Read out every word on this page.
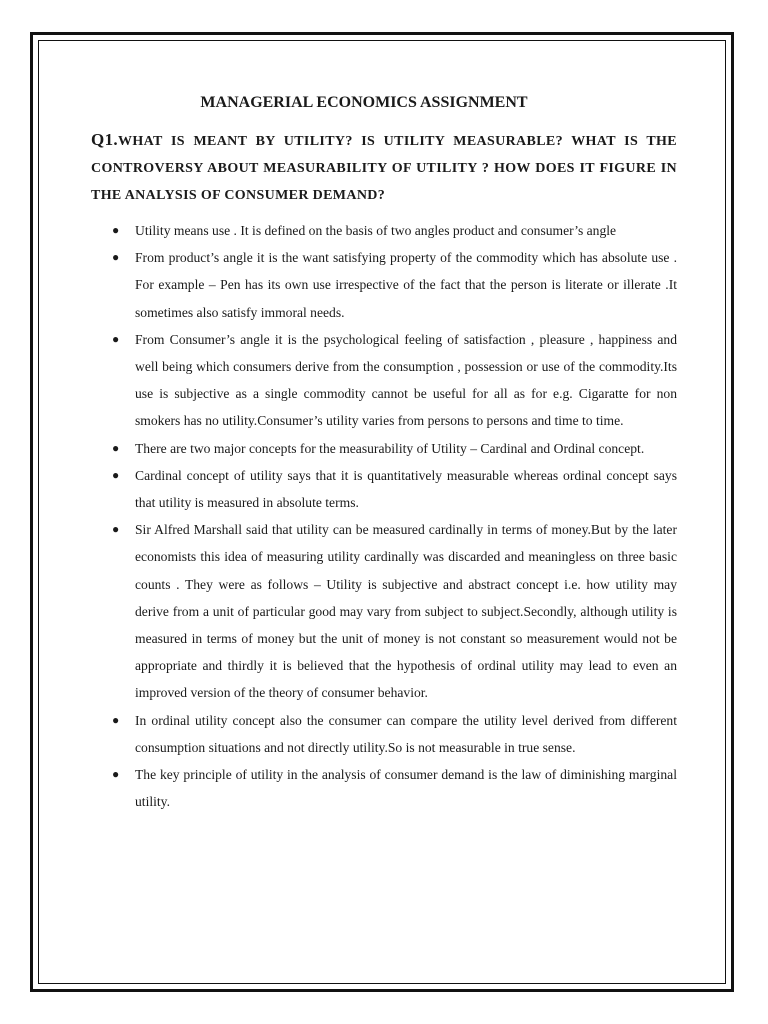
MANAGERIAL ECONOMICS ASSIGNMENT
Q1.WHAT IS MEANT BY UTILITY? IS UTILITY MEASURABLE? WHAT IS THE CONTROVERSY ABOUT MEASURABILITY OF UTILITY ? HOW DOES IT FIGURE IN THE ANALYSIS OF CONSUMER DEMAND?
● Utility means use . It is defined on the basis of two angles product and consumer’s angle
● From product’s angle it is the want satisfying property of the commodity which has absolute use . For example – Pen has its own use irrespective of the fact that the person is literate or illerate .It sometimes also satisfy immoral needs.
● From Consumer’s angle it is the psychological feeling of satisfaction , pleasure , happiness and well being which consumers derive from the consumption , possession or use of the commodity.Its use is subjective as a single commodity cannot be useful for all as for e.g. Cigaratte for non smokers has no utility.Consumer’s utility varies from persons to persons and time to time.
● There are two major concepts for the measurability of Utility – Cardinal and Ordinal concept.
● Cardinal concept of utility says that it is quantitatively measurable whereas ordinal concept says that utility is measured in absolute terms.
● Sir Alfred Marshall said that utility can be measured cardinally in terms of money.But by the later economists this idea of measuring utility cardinally was discarded and meaningless on three basic counts . They were as follows – Utility is subjective and abstract concept i.e. how utility may derive from a unit of particular good may vary from subject to subject.Secondly, although utility is measured in terms of money but the unit of money is not constant so measurement would not be appropriate and thirdly it is believed that the hypothesis of ordinal utility may lead to even an improved version of the theory of consumer behavior.
● In ordinal utility concept also the consumer can compare the utility level derived from different consumption situations and not directly utility.So is not measurable in true sense.
● The key principle of utility in the analysis of consumer demand is the law of diminishing marginal utility.
